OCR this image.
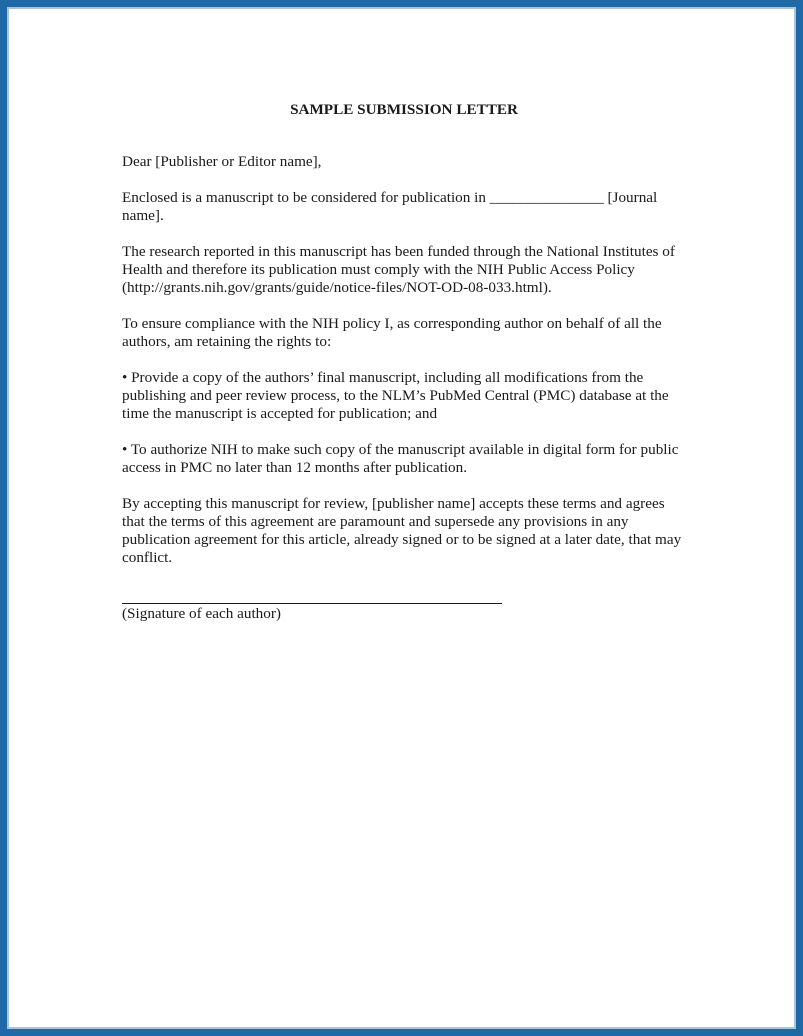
SAMPLE SUBMISSION LETTER

Dear [Publisher or Editor name],

Enclosed is a manuscript to be considered for publication in _______________ [Journal name].

The research reported in this manuscript has been funded through the National Institutes of Health and therefore its publication must comply with the NIH Public Access Policy (http://grants.nih.gov/grants/guide/notice-files/NOT-OD-08-033.html).

To ensure compliance with the NIH policy I, as corresponding author on behalf of all the authors, am retaining the rights to:

• Provide a copy of the authors’ final manuscript, including all modifications from the publishing and peer review process, to the NLM’s PubMed Central (PMC) database at the time the manuscript is accepted for publication; and

• To authorize NIH to make such copy of the manuscript available in digital form for public access in PMC no later than 12 months after publication.

By accepting this manuscript for review, [publisher name] accepts these terms and agrees that the terms of this agreement are paramount and supersede any provisions in any publication agreement for this article, already signed or to be signed at a later date, that may conflict.

(Signature of each author)
